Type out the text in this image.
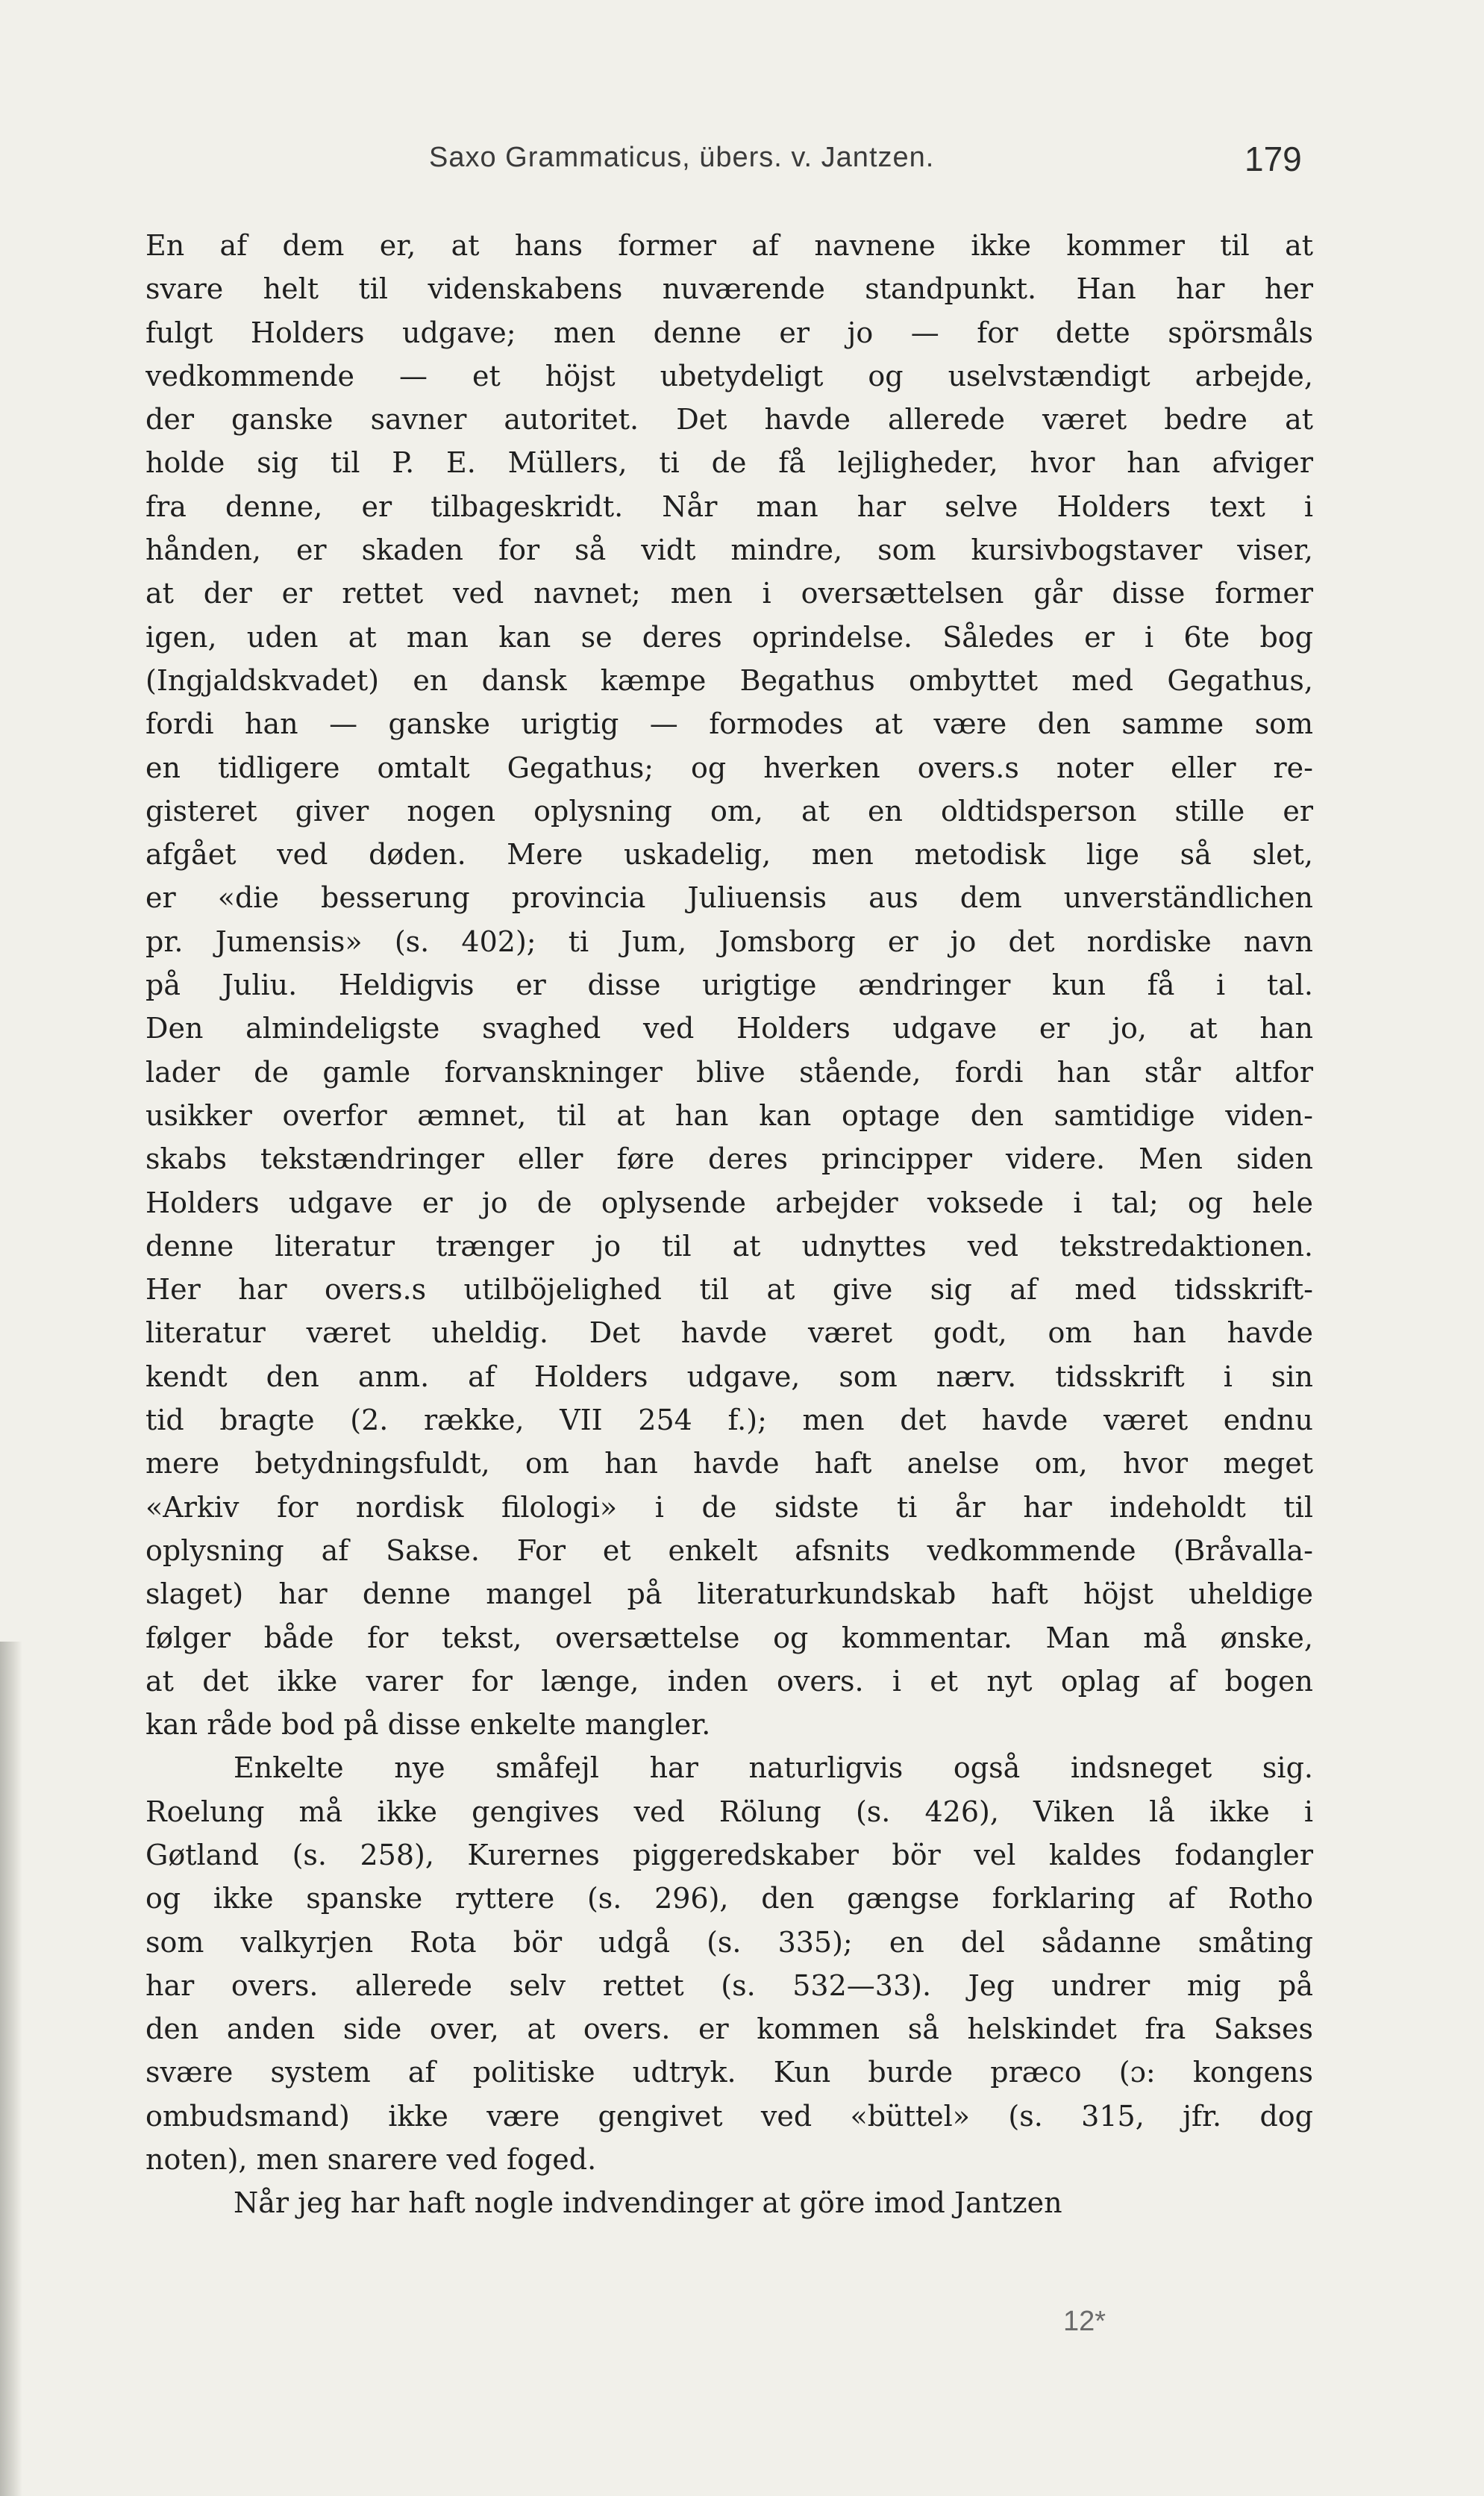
Saxo Grammaticus, übers. v. Jantzen.	179
En af dem er, at hans former af navnene ikke kommer til at
svare helt til videnskabens nuværende standpunkt. Han har her
fulgt Holders udgave; men denne er jo — for dette spörsmåls
vedkommende — et höjst ubetydeligt og uselvstændigt arbejde,
der ganske savner autoritet. Det havde allerede været bedre at
holde sig til P. E. Müllers, ti de få lejligheder, hvor han afviger
fra denne, er tilbageskridt. Når man har selve Holders text i
hånden, er skaden for så vidt mindre, som kursivbogstaver viser,
at der er rettet ved navnet; men i oversættelsen går disse former
igen, uden at man kan se deres oprindelse. Således er i 6te bog
(Ingjaldskvadet) en dansk kæmpe Begathus ombyttet med Gegathus,
fordi han — ganske urigtig — formodes at være den samme som
en tidligere omtalt Gegathus; og hverken overs.s noter eller re-
gisteret giver nogen oplysning om, at en oldtidsperson stille er
afgået ved døden. Mere uskadelig, men metodisk lige så slet,
er «die besserung provincia Juliuensis aus dem unverständlichen
pr. Jumensis» (s. 402); ti Jum, Jomsborg er jo det nordiske navn
på Juliu. Heldigvis er disse urigtige ændringer kun få i tal.
Den almindeligste svaghed ved Holders udgave er jo, at han
lader de gamle forvanskninger blive stående, fordi han står altfor
usikker overfor æmnet, til at han kan optage den samtidige viden-
skabs tekstændringer eller føre deres principper videre. Men siden
Holders udgave er jo de oplysende arbejder voksede i tal; og hele
denne literatur trænger jo til at udnyttes ved tekstredaktionen.
Her har overs.s utilböjelighed til at give sig af med tidsskrift-
literatur været uheldig. Det havde været godt, om han havde
kendt den anm. af Holders udgave, som nærv. tidsskrift i sin
tid bragte (2. række, VII 254 f.); men det havde været endnu
mere betydningsfuldt, om han havde haft anelse om, hvor meget
«Arkiv for nordisk filologi» i de sidste ti år har indeholdt til
oplysning af Sakse. For et enkelt afsnits vedkommende (Bråvalla-
slaget) har denne mangel på literaturkundskab haft höjst uheldige
følger både for tekst, oversættelse og kommentar. Man må ønske,
at det ikke varer for længe, inden overs. i et nyt oplag af bogen
kan råde bod på disse enkelte mangler.
Enkelte nye småfejl har naturligvis også indsneget sig.
Roelung må ikke gengives ved Rölung (s. 426), Viken lå ikke i
Gøtland (s. 258), Kurernes piggeredskaber bör vel kaldes fodangler
og ikke spanske ryttere (s. 296), den gængse forklaring af Rotho
som valkyrjen Rota bör udgå (s. 335); en del sådanne småting
har overs. allerede selv rettet (s. 532—33). Jeg undrer mig på
den anden side over, at overs. er kommen så helskindet fra Sakses
svære system af politiske udtryk. Kun burde præco (ɔ: kongens
ombudsmand) ikke være gengivet ved «büttel» (s. 315, jfr. dog
noten), men snarere ved foged.
Når jeg har haft nogle indvendinger at göre imod Jantzen
12*
